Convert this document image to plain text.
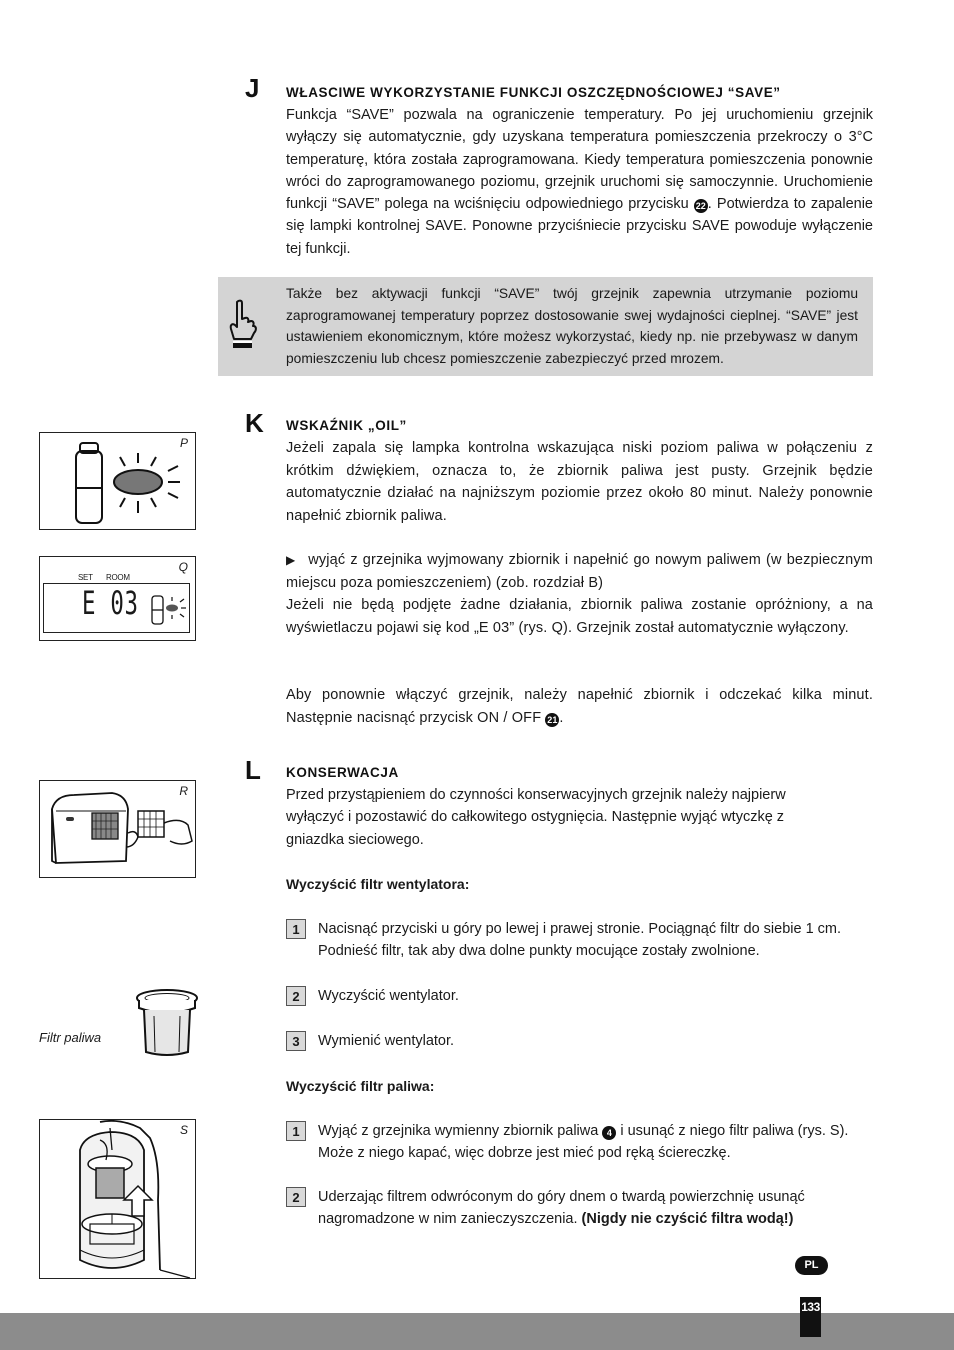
J WŁASCIWE WYKORZYSTANIE FUNKCJI OSZCZĘDNOŚCIOWEJ “SAVE”

Funkcja “SAVE” pozwala na ograniczenie temperatury. Po jej uruchomieniu grzejnik wyłączy się automatycznie, gdy uzyskana temperatura pomieszczenia przekroczy o 3°C temperaturę, która została zaprogramowana. Kiedy temperatura pomieszczenia ponownie wróci do zaprogramowanego poziomu, grzejnik uruchomi się samoczynnie. Uruchomienie funkcji “SAVE” polega na wciśnięciu odpowiedniego przycisku 22 . Potwierdza to zapalenie się lampki kontrolnej SAVE. Ponowne przyciśniecie przycisku SAVE powoduje wyłączenie tej funkcji.

Także bez aktywacji funkcji “SAVE” twój grzejnik zapewnia utrzymanie poziomu zaprogramowanej temperatury poprzez dostosowanie swej wydajności cieplnej. “SAVE” jest ustawieniem ekonomicznym, które możesz wykorzystać, kiedy np. nie przebywasz w danym pomieszczeniu lub chcesz pomieszczenie zabezpieczyć przed mrozem.

K WSKAŹNIK „OIL”

Jeżeli zapala się lampka kontrolna wskazująca niski poziom paliwa w połączeniu z krótkim dźwiękiem, oznacza to, że zbiornik paliwa jest pusty. Grzejnik będzie automatycznie działać na najniższym poziomie przez około 80 minut. Należy ponownie napełnić zbiornik paliwa.

▶ wyjąć z grzejnika wyjmowany zbiornik i napełnić go nowym paliwem (w bezpiecznym miejscu poza pomieszczeniem) (zob. rozdział B)

Jeżeli nie będą podjęte żadne działania, zbiornik paliwa zostanie opróżniony, a na wyświetlaczu pojawi się kod „E 03” (rys. Q). Grzejnik został automatycznie wyłączony.

Aby ponownie włączyć grzejnik, należy napełnić zbiornik i odczekać kilka minut. Następnie nacisnąć przycisk ON / OFF 21 .

L KONSERWACJA

Przed przystąpieniem do czynności konserwacyjnych grzejnik należy najpierw wyłączyć i pozostawić do całkowitego ostygnięcia. Następnie wyjąć wtyczkę z gniazdka sieciowego.

Wyczyścić filtr wentylatora:
1	Nacisnąć przyciski u góry po lewej i prawej stronie. Pociągnąć filtr do siebie 1 cm. Podnieść filtr, tak aby dwa dolne punkty mocujące zostały zwolnione.

2	Wyczyścić wentylator.

3	Wymienić wentylator.

Wyczyścić filtr paliwa:
1	Wyjąć z grzejnika wymienny zbiornik paliwa 4 i usunąć z niego filtr paliwa (rys. S). Może z niego kapać, więc dobrze jest mieć pod ręką ściereczkę.

2	Uderzając filtrem odwróconym do góry dnem o twardą powierzchnię usunąć nagromadzone w nim zanieczyszczenia. (Nigdy nie czyścić filtra wodą!)

P
Q
SET ROOM
E 03
R
Filtr paliwa
S
PL
133
